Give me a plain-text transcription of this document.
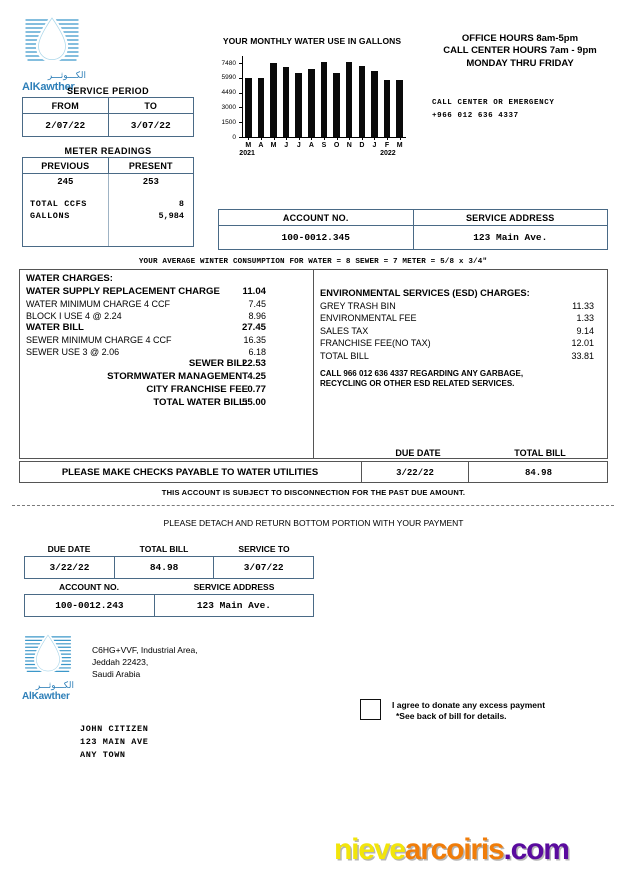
الكـــوثـــر
AlKawther
SERVICE PERIOD
FROM	TO
2/07/22	3/07/22
METER READINGS
PREVIOUS	PRESENT

245	253
TOTAL CCFS	8
GALLONS	5,984
YOUR MONTHLY WATER USE IN GALLONS
0
1500
3000
4490
5990
7480
M	A	M	J	J	A	S	O	N	D	J	F	M
2021	2022
OFFICE HOURS 8am-5pm
CALL CENTER HOURS 7am - 9pm
MONDAY THRU FRIDAY
CALL CENTER OR EMERGENCY
+966 012 636 4337
ACCOUNT NO.	SERVICE ADDRESS
100-0012.345	123 Main Ave.
YOUR AVERAGE WINTER CONSUMPTION FOR WATER = 8 SEWER = 7 METER = 5/8 x 3/4"
WATER CHARGES:
WATER SUPPLY REPLACEMENT CHARGE 11.04
WATER MINIMUM CHARGE 4 CCF	7.45
BLOCK I USE 4 @ 2.24	8.96
WATER BILL	27.45
SEWER MINIMUM CHARGE 4 CCF	16.35
SEWER USE 3 @ 2.06	6.18
SEWER BILL
22.53
STORMWATER MANAGEMENT 4.25
CITY FRANCHISE FEE 0.77
TOTAL WATER BILL:
55.00
ENVIRONMENTAL SERVICES (ESD) CHARGES:
GREY TRASH BIN	11.33
ENVIRONMENTAL FEE	1.33
SALES TAX	9.14
FRANCHISE FEE(NO TAX)	12.01
TOTAL BILL	33.81
CALL 966 012 636 4337 REGARDING ANY GARBAGE,
RECYCLING OR OTHER ESD RELATED SERVICES.
DUE DATE	TOTAL BILL
PLEASE MAKE CHECKS PAYABLE TO WATER UTILITIES	3/22/22	84.98
THIS ACCOUNT IS SUBJECT TO DISCONNECTION FOR THE PAST DUE AMOUNT.
PLEASE DETACH AND RETURN BOTTOM PORTION WITH YOUR PAYMENT
DUE DATE	TOTAL BILL	SERVICE TO
3/22/22	84.98	3/07/22
ACCOUNT NO.	SERVICE ADDRESS
100-0012.243	123 Main Ave.
الكـــوثـــر
AlKawther
C6HG+VVF, Industrial Area,
Jeddah 22423,
Saudi Arabia
I agree to donate any excess payment
*See back of bill for details.
JOHN CITIZEN
123 MAIN AVE
ANY TOWN
nievearcoiris.com
